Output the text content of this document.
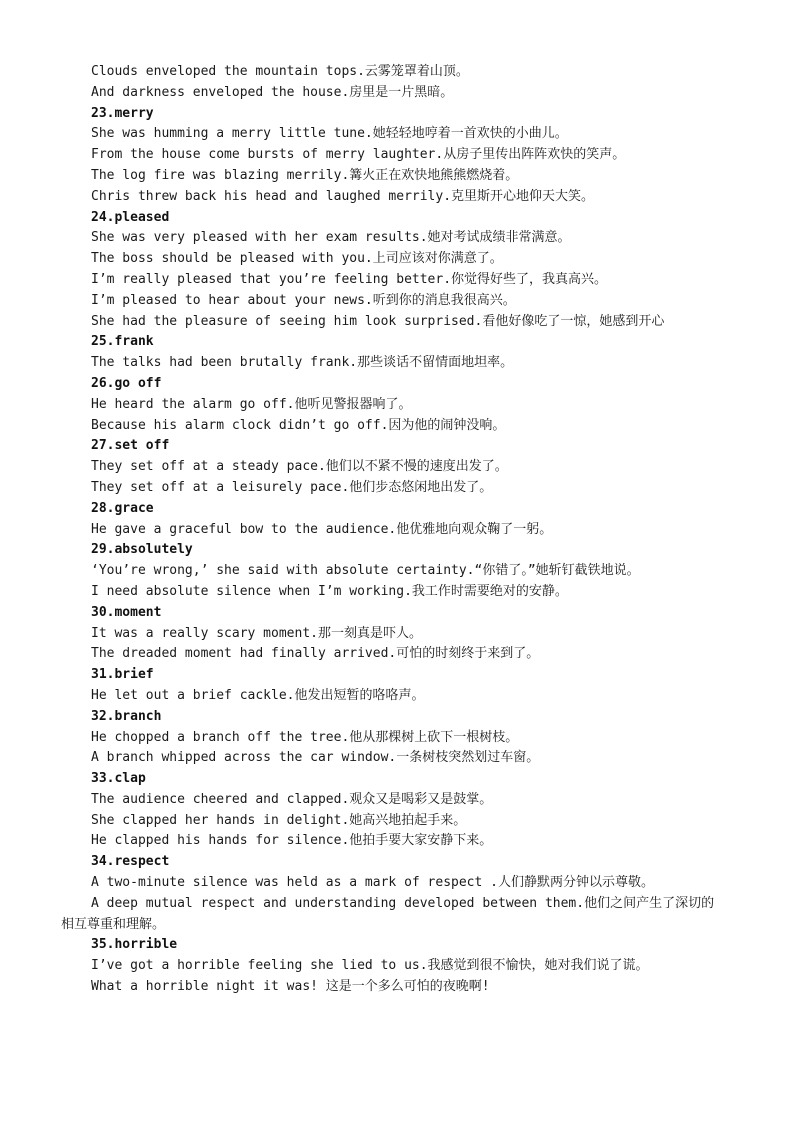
Clouds enveloped the mountain tops.云雾笼罩着山顶。
And darkness enveloped the house.房里是一片黑暗。
23.merry
She was humming a merry little tune.她轻轻地哼着一首欢快的小曲儿。
From the house come bursts of merry laughter.从房子里传出阵阵欢快的笑声。
The log fire was blazing merrily.篝火正在欢快地熊熊燃烧着。
Chris threw back his head and laughed merrily.克里斯开心地仰天大笑。
24.pleased
She was very pleased with her exam results.她对考试成绩非常满意。
The boss should be pleased with you.上司应该对你满意了。
I’m really pleased that you’re feeling better.你觉得好些了，我真高兴。
I’m pleased to hear about your news.听到你的消息我很高兴。
She had the pleasure of seeing him look surprised.看他好像吃了一惊，她感到开心
25.frank
The talks had been brutally frank.那些谈话不留情面地坦率。
26.go off
He heard the alarm go off.他听见警报器响了。
Because his alarm clock didn’t go off.因为他的闹钟没响。
27.set off
They set off at a steady pace.他们以不紧不慢的速度出发了。
They set off at a leisurely pace.他们步态悠闲地出发了。
28.grace
He gave a graceful bow to the audience.他优雅地向观众鞠了一躬。
29.absolutely
‘You’re wrong,’ she said with absolute certainty.“你错了。”她斩钉截铁地说。
I need absolute silence when I’m working.我工作时需要绝对的安静。
30.moment
It was a really scary moment.那一刻真是吓人。
The dreaded moment had finally arrived.可怕的时刻终于来到了。
31.brief
He let out a brief cackle.他发出短暂的咯咯声。
32.branch
He chopped a branch off the tree.他从那棵树上砍下一根树枝。
A branch whipped across the car window.一条树枝突然划过车窗。
33.clap
The audience cheered and clapped.观众又是喝彩又是鼓掌。
She clapped her hands in delight.她高兴地拍起手来。
He clapped his hands for silence.他拍手要大家安静下来。
34.respect
A two-minute silence was held as a mark of respect .人们静默两分钟以示尊敬。
A deep mutual respect and understanding developed between them.他们之间产生了深切的
相互尊重和理解。
35.horrible
I’ve got a horrible feeling she lied to us.我感觉到很不愉快，她对我们说了谎。
What a horrible night it was! 这是一个多么可怕的夜晚啊!
